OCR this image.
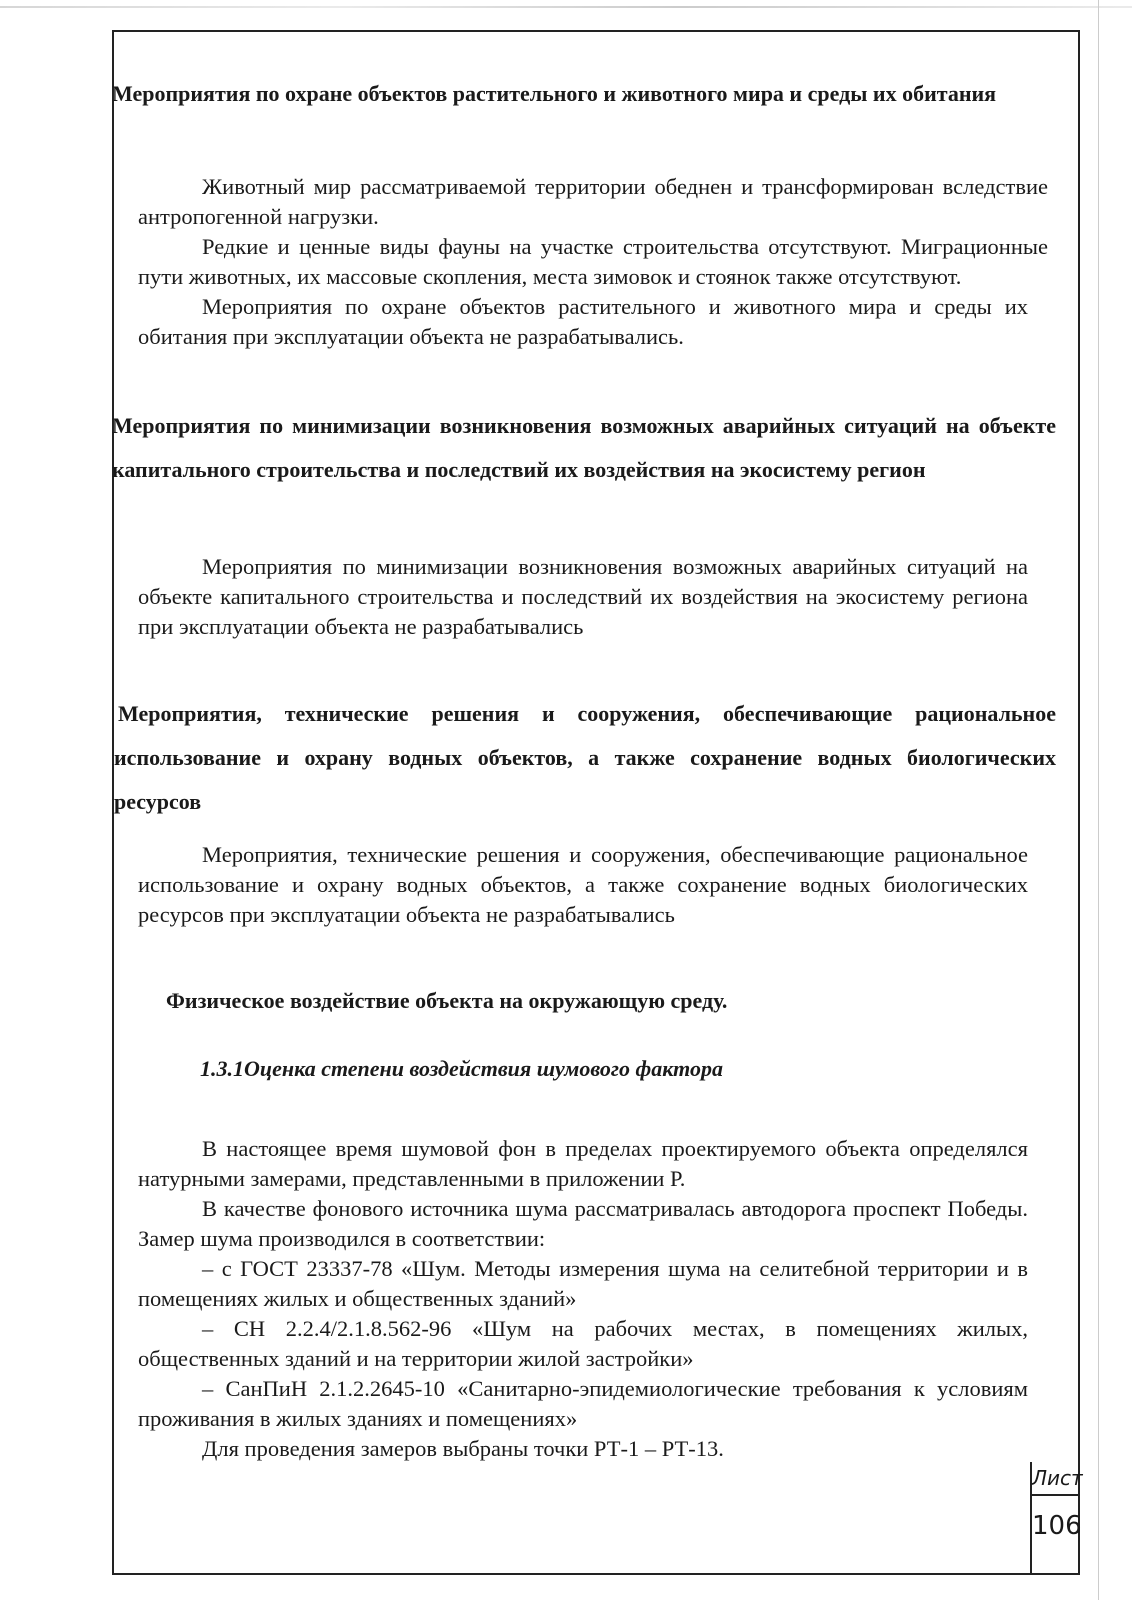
Мероприятия по охране объектов растительного и животного мира и среды их обитания

Животный мир рассматриваемой территории обеднен и трансформирован вследствие антропогенной нагрузки.

Редкие и ценные виды фауны на участке строительства отсутствуют. Миграционные пути животных, их массовые скопления, места зимовок и стоянок также отсутствуют.

Мероприятия по охране объектов растительного и животного мира и среды их обитания при эксплуатации объекта не разрабатывались.

Мероприятия по минимизации возникновения возможных аварийных ситуаций на объекте капитального строительства и последствий их воздействия на экосистему регион

Мероприятия по минимизации возникновения возможных аварийных ситуаций на объекте капитального строительства и последствий их воздействия на экосистему региона при эксплуатации объекта не разрабатывались

Мероприятия, технические решения и сооружения, обеспечивающие рациональное использование и охрану водных объектов, а также сохранение водных биологических ресурсов

Мероприятия, технические решения и сооружения, обеспечивающие рациональное использование и охрану водных объектов, а также сохранение водных биологических ресурсов при эксплуатации объекта не разрабатывались

Физическое воздействие объекта на окружающую среду.

1.3.1Оценка степени воздействия шумового фактора

В настоящее время шумовой фон в пределах проектируемого объекта определялся натурными замерами, представленными в приложении Р.

В качестве фонового источника шума рассматривалась автодорога проспект Победы. Замер шума производился в соответствии:

– с ГОСТ 23337-78 «Шум. Методы измерения шума на селитебной территории и в помещениях жилых и общественных зданий»

– СН 2.2.4/2.1.8.562-96 «Шум на рабочих местах, в помещениях жилых, общественных зданий и на территории жилой застройки»

– СанПиН 2.1.2.2645-10 «Санитарно-эпидемиологические требования к условиям проживания в жилых зданиях и помещениях»

Для проведения замеров выбраны точки РТ-1 – РТ-13.

Лист
106
